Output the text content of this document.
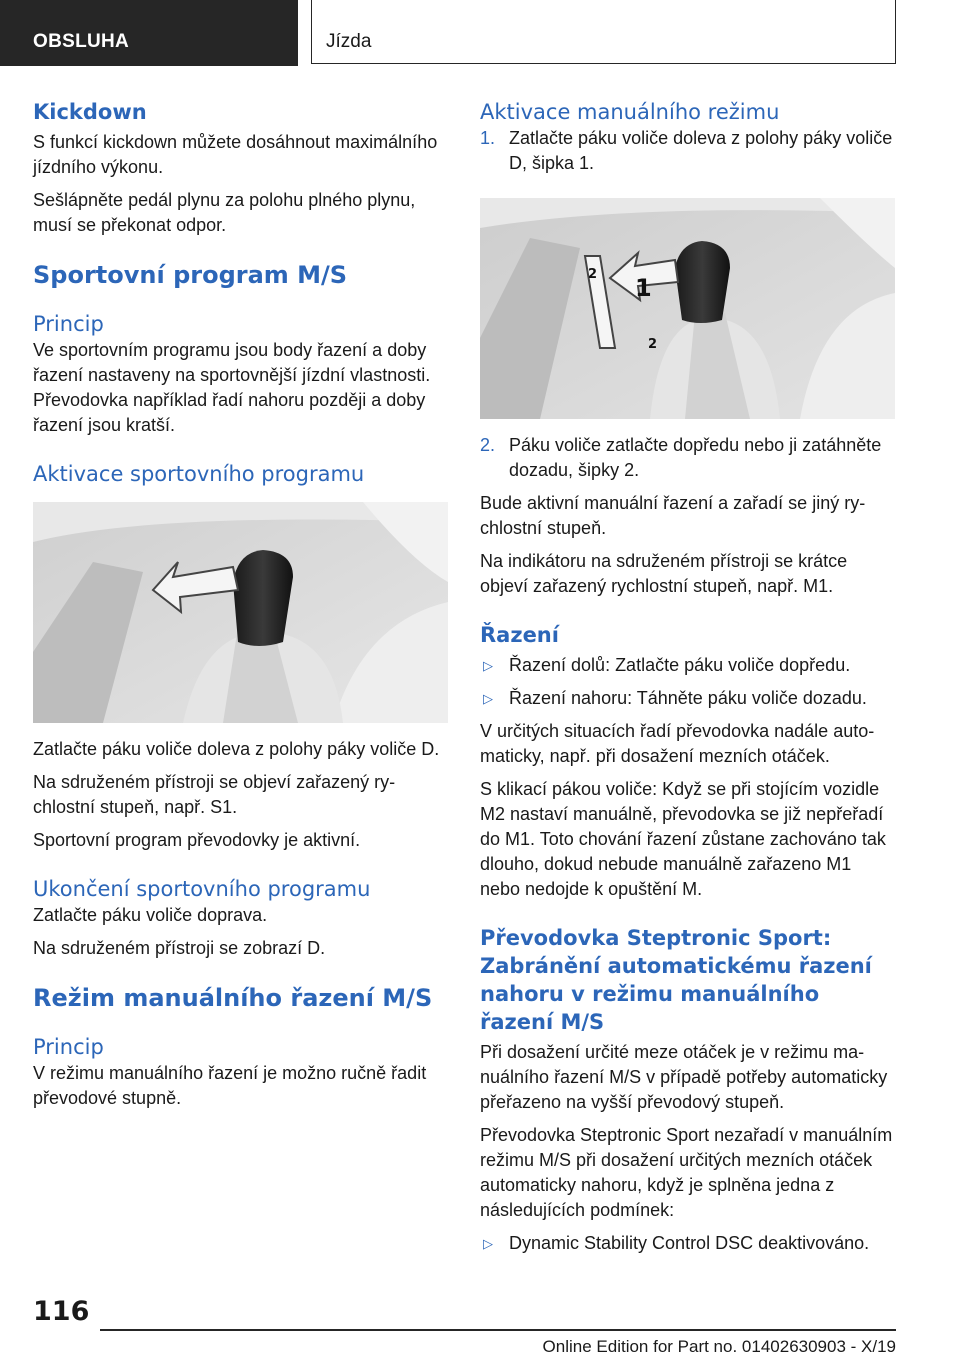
OBSLUHA	Jízda
Kickdown

S funkcí kickdown můžete dosáhnout maximálního jízdního výkonu.

Sešlápněte pedál plynu za polohu plného plynu, musí se překonat odpor.

Sportovní program M/S
Princip

Ve sportovním programu jsou body řazení a doby řazení nastaveny na sportovnější jízdní vlastnosti. Převodovka například řadí nahoru později a doby řazení jsou kratší.

Aktivace sportovního programu

Zatlačte páku voliče doleva z polohy páky voliče D.

Na sdruženém přístroji se objeví zařazený rychlostní stupeň, např. S1.

Sportovní program převodovky je aktivní.

Ukončení sportovního programu

Zatlačte páku voliče doprava.

Na sdruženém přístroji se zobrazí D.

Režim manuálního řazení M/S
Princip

V režimu manuálního řazení je možno ručně řadit převodové stupně.

Aktivace manuálního režimu
1. Zatlačte páku voliče doleva z polohy páky voliče D, šipka 1.
1
2
2
2. Páku voliče zatlačte dopředu nebo ji zatáhněte dozadu, šipky 2.

Bude aktivní manuální řazení a zařadí se jiný rychlostní stupeň.

Na indikátoru na sdruženém přístroji se krátce objeví zařazený rychlostní stupeň, např. M1.

Řazení
▷ Řazení dolů: Zatlačte páku voliče dopředu.
▷ Řazení nahoru: Táhněte páku voliče dozadu.

V určitých situacích řadí převodovka nadále automaticky, např. při dosažení mezních otáček.

S klikací pákou voliče: Když se při stojícím vozidle M2 nastaví manuálně, převodovka se již nepřeřadí do M1. Toto chování řazení zůstane zachováno tak dlouho, dokud nebude manuálně zařazeno M1 nebo nedojde k opuštění M.

Převodovka Steptronic Sport: Zabránění automatickému řazení nahoru v režimu manuálního řazení M/S

Při dosažení určité meze otáček je v režimu manuálního řazení M/S v případě potřeby automaticky přeřazeno na vyšší převodový stupeň.

Převodovka Steptronic Sport nezařadí v manuálním režimu M/S při dosažení určitých mezních otáček automaticky nahoru, když je splněna jedna z následujících podmínek:

▷ Dynamic Stability Control DSC deaktivováno.
116
Online Edition for Part no. 01402630903 - X/19
